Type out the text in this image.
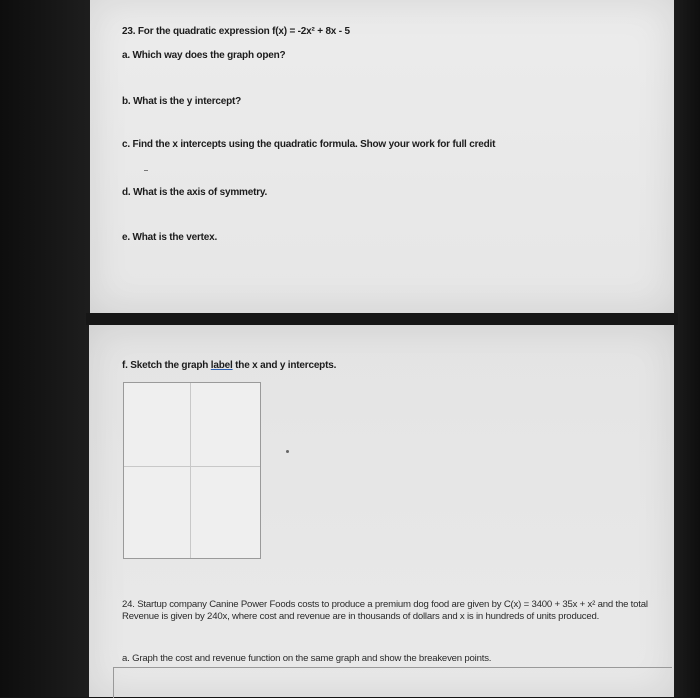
23. For the quadratic expression f(x) = -2x² + 8x - 5
a. Which way does the graph open?
b. What is the y intercept?
c. Find the x intercepts using the quadratic formula. Show your work for full credit
d. What is the axis of symmetry.
e. What is the vertex.
f. Sketch the graph label the x and y intercepts.
24. Startup company Canine Power Foods costs to produce a premium dog food are given by C(x) = 3400 + 35x + x² and the total Revenue is given by 240x, where cost and revenue are in thousands of dollars and x is in hundreds of units produced.
a. Graph the cost and revenue function on the same graph and show the breakeven points.
